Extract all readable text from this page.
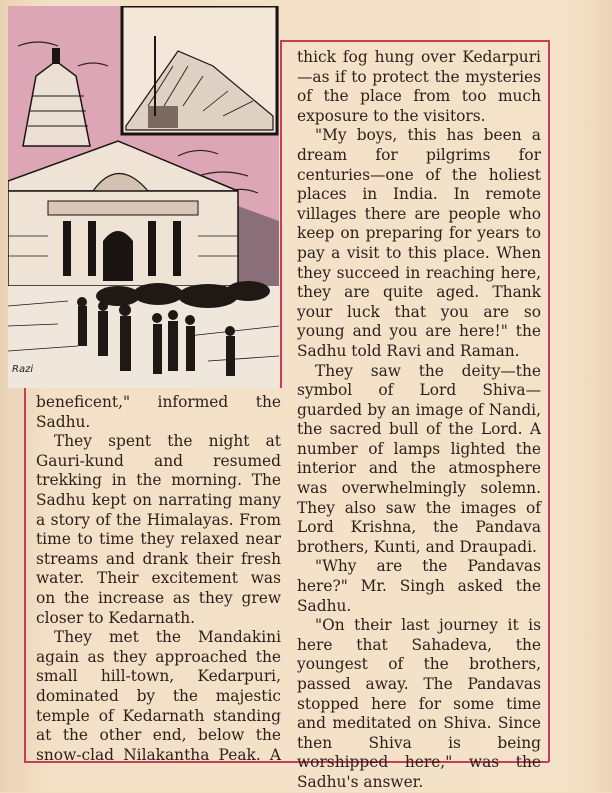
Razi

beneficent," informed the Sadhu.

They spent the night at Gauri-kund and resumed trekking in the morning. The Sadhu kept on narrating many a story of the Himalayas. From time to time they relaxed near streams and drank their fresh water. Their excitement was on the increase as they grew closer to Kedarnath.

They met the Mandakini again as they approached the small hill-town, Kedarpuri, dominated by the majestic temple of Kedarnath standing at the other end, below the snow-clad Nilakantha Peak. A

thick fog hung over Kedarpuri—as if to protect the mysteries of the place from too much exposure to the visitors.

"My boys, this has been a dream for pilgrims for centuries—one of the holiest places in India. In remote villages there are people who keep on preparing for years to pay a visit to this place. When they succeed in reaching here, they are quite aged. Thank your luck that you are so young and you are here!" the Sadhu told Ravi and Raman.

They saw the deity—the symbol of Lord Shiva—guarded by an image of Nandi, the sacred bull of the Lord. A number of lamps lighted the interior and the atmosphere was overwhelmingly solemn. They also saw the images of Lord Krishna, the Pandava brothers, Kunti, and Draupadi.

"Why are the Pandavas here?" Mr. Singh asked the Sadhu.

"On their last journey it is here that Sahadeva, the youngest of the brothers, passed away. The Pandavas stopped here for some time and meditated on Shiva. Since then Shiva is being worshipped here," was the Sadhu's answer.
